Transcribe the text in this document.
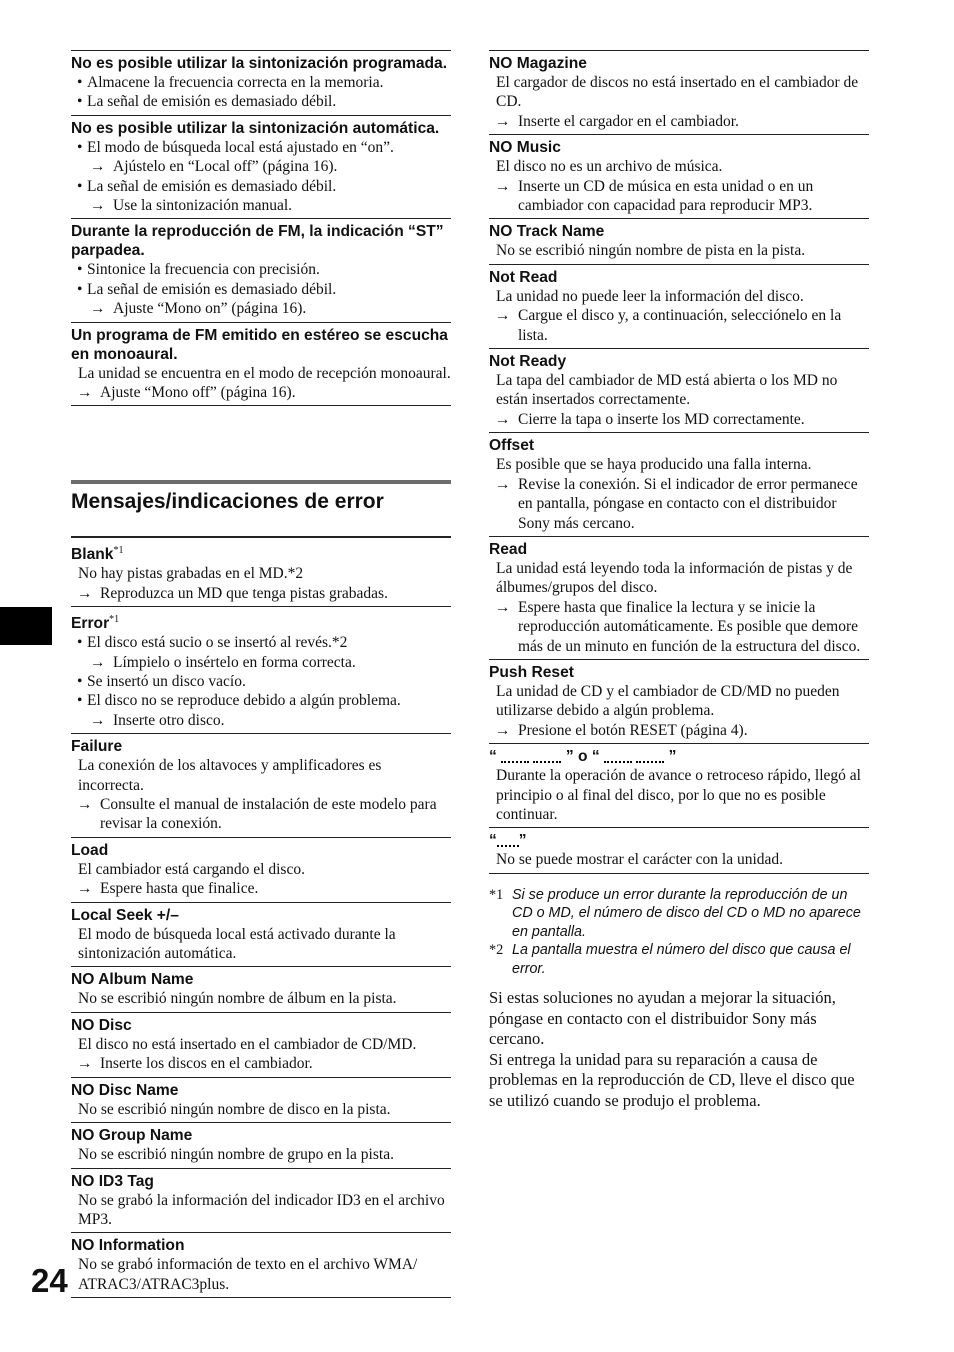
No es posible utilizar la sintonización programada.
• Almacene la frecuencia correcta en la memoria.
• La señal de emisión es demasiado débil.
No es posible utilizar la sintonización automática.
• El modo de búsqueda local está ajustado en “on”.
→ Ajústelo en “Local off” (página 16).
• La señal de emisión es demasiado débil.
→ Use la sintonización manual.
Durante la reproducción de FM, la indicación “ST” parpadea.
• Sintonice la frecuencia con precisión.
• La señal de emisión es demasiado débil.
→ Ajuste “Mono on” (página 16).
Un programa de FM emitido en estéreo se escucha en monoaural.
La unidad se encuentra en el modo de recepción monoaural.
→ Ajuste “Mono off” (página 16).
Mensajes/indicaciones de error
Blank$^{*1}$
No hay pistas grabadas en el MD.*2
→ Reproduzca un MD que tenga pistas grabadas.
Error$^{*1}$
• El disco está sucio o se insertó al revés.*2
→ Límpielo o insértelo en forma correcta.
• Se insertó un disco vacío.
• El disco no se reproduce debido a algún problema.
→ Inserte otro disco.
Failure
La conexión de los altavoces y amplificadores es incorrecta.
→ Consulte el manual de instalación de este modelo para revisar la conexión.
Load
El cambiador está cargando el disco.
→ Espere hasta que finalice.
Local Seek +/–
El modo de búsqueda local está activado durante la sintonización automática.
NO Album Name
No se escribió ningún nombre de álbum en la pista.
NO Disc
El disco no está insertado en el cambiador de CD/MD.
→ Inserte los discos en el cambiador.
NO Disc Name
No se escribió ningún nombre de disco en la pista.
NO Group Name
No se escribió ningún nombre de grupo en la pista.
NO ID3 Tag
No se grabó la información del indicador ID3 en el archivo MP3.
NO Information
No se grabó información de texto en el archivo WMA/ ATRAC3/ATRAC3plus.
NO Magazine
El cargador de discos no está insertado en el cambiador de CD.
→ Inserte el cargador en el cambiador.
NO Music
El disco no es un archivo de música.
→ Inserte un CD de música en esta unidad o en un cambiador con capacidad para reproducir MP3.
NO Track Name
No se escribió ningún nombre de pista en la pista.
Not Read
La unidad no puede leer la información del disco.
→ Cargue el disco y, a continuación, selecciónelo en la lista.
Not Ready
La tapa del cambiador de MD está abierta o los MD no están insertados correctamente.
→ Cierre la tapa o inserte los MD correctamente.
Offset
Es posible que se haya producido una falla interna.
→ Revise la conexión. Si el indicador de error permanece en pantalla, póngase en contacto con el distribuidor Sony más cercano.
Read
La unidad está leyendo toda la información de pistas y de álbumes/grupos del disco.
→ Espere hasta que finalice la lectura y se inicie la reproducción automáticamente. Es posible que demore más de un minuto en función de la estructura del disco.
Push Reset
La unidad de CD y el cambiador de CD/MD no pueden utilizarse debido a algún problema.
→ Presione el botón RESET (página 4).
“	” o “	”
Durante la operación de avance o retroceso rápido, llegó al principio o al final del disco, por lo que no es posible continuar.
“ ”
No se puede mostrar el carácter con la unidad.
*1 Si se produce un error durante la reproducción de un CD o MD, el número de disco del CD o MD no aparece en pantalla.
*2 La pantalla muestra el número del disco que causa el error.
Si estas soluciones no ayudan a mejorar la situación, póngase en contacto con el distribuidor Sony más cercano.
Si entrega la unidad para su reparación a causa de problemas en la reproducción de CD, lleve el disco que se utilizó cuando se produjo el problema.
24
